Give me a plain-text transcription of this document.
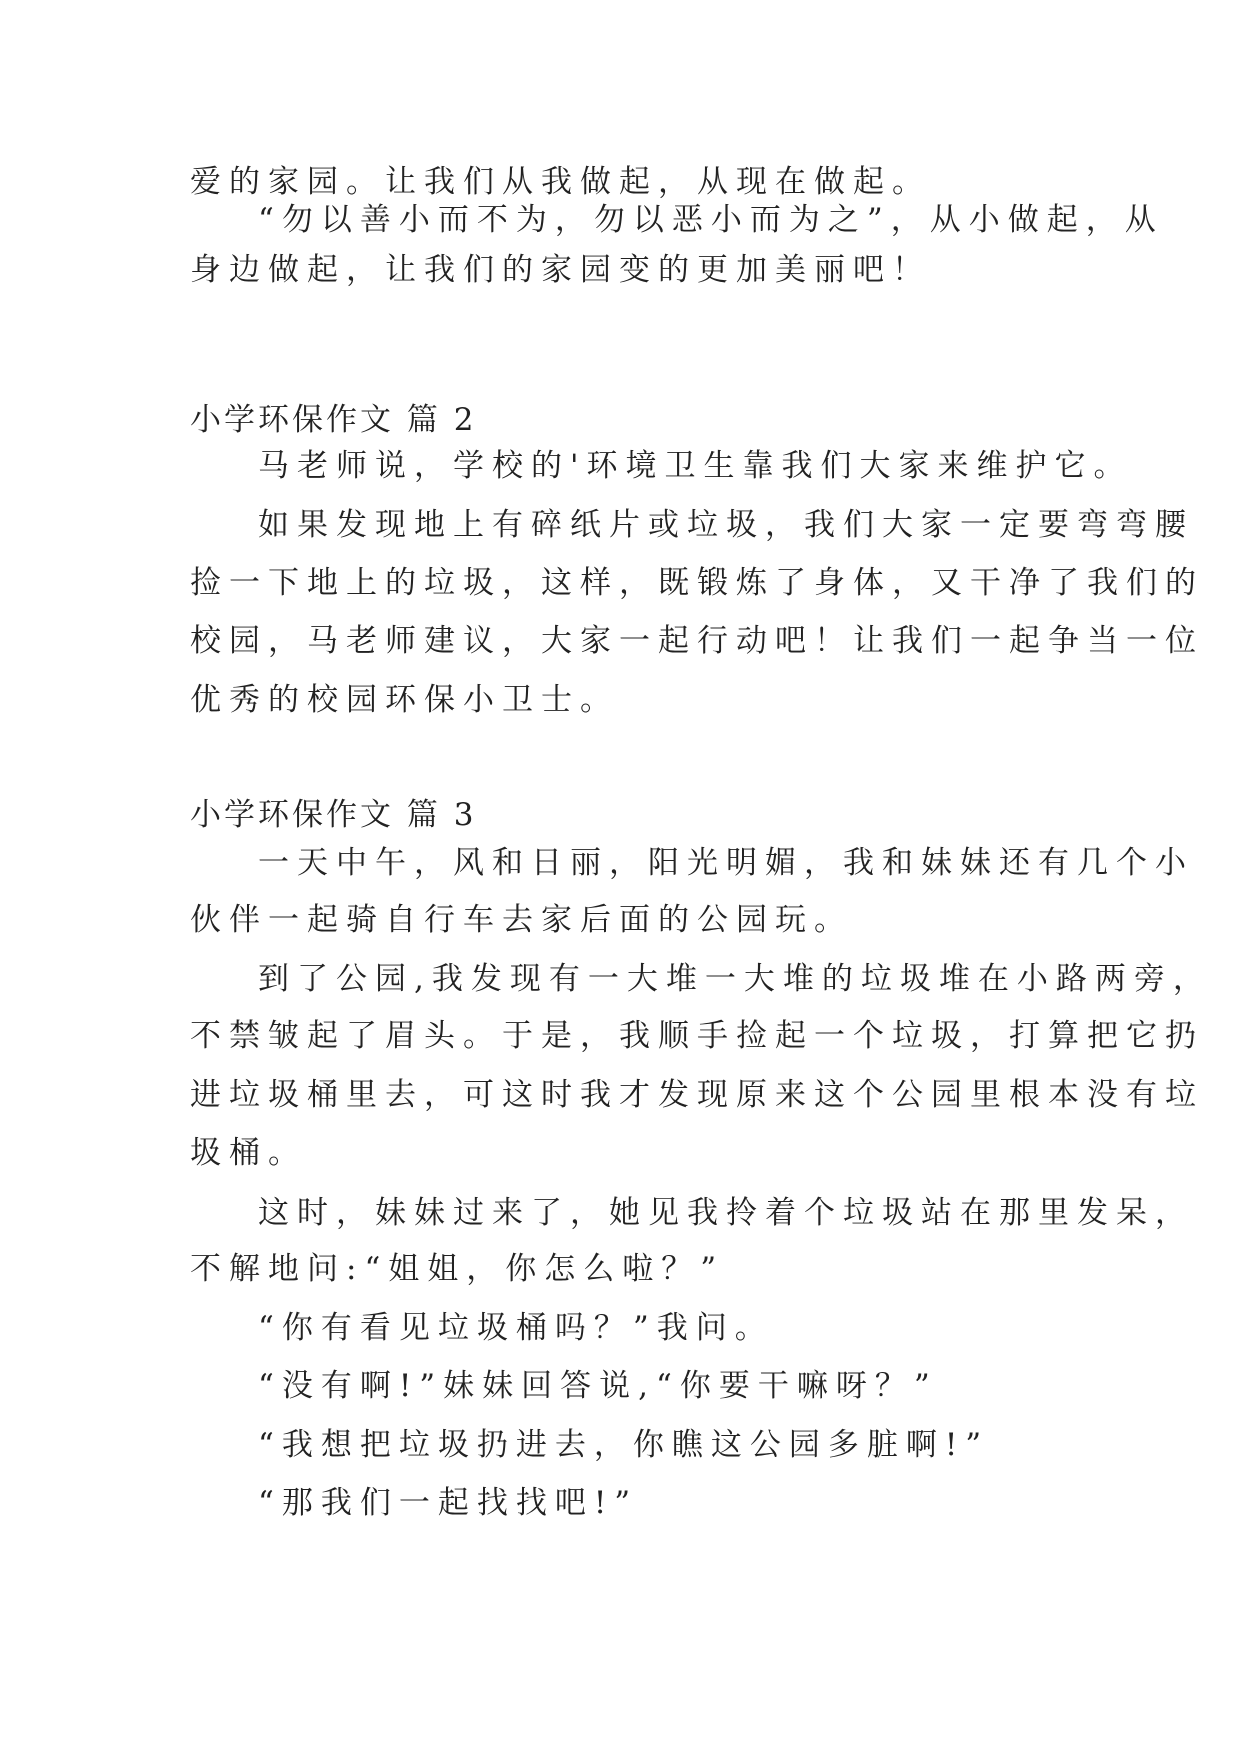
爱的家园。让我们从我做起，从现在做起。
“勿以善小而不为，勿以恶小而为之”，从小做起，从
身边做起，让我们的家园变的更加美丽吧！
小学环保作文 篇 2
马老师说，学校的'环境卫生靠我们大家来维护它。
如果发现地上有碎纸片或垃圾，我们大家一定要弯弯腰
捡一下地上的垃圾，这样，既锻炼了身体，又干净了我们的
校园，马老师建议，大家一起行动吧！让我们一起争当一位
优秀的校园环保小卫士。
小学环保作文 篇 3
一天中午，风和日丽，阳光明媚，我和妹妹还有几个小
伙伴一起骑自行车去家后面的公园玩。
到了公园,我发现有一大堆一大堆的垃圾堆在小路两旁，
不禁皱起了眉头。于是，我顺手捡起一个垃圾，打算把它扔
进垃圾桶里去，可这时我才发现原来这个公园里根本没有垃
圾桶。
这时，妹妹过来了，她见我拎着个垃圾站在那里发呆，
不解地问:“姐姐，你怎么啦？”
“你有看见垃圾桶吗？”我问。
“没有啊!”妹妹回答说,“你要干嘛呀？”
“我想把垃圾扔进去，你瞧这公园多脏啊!”
“那我们一起找找吧!”
